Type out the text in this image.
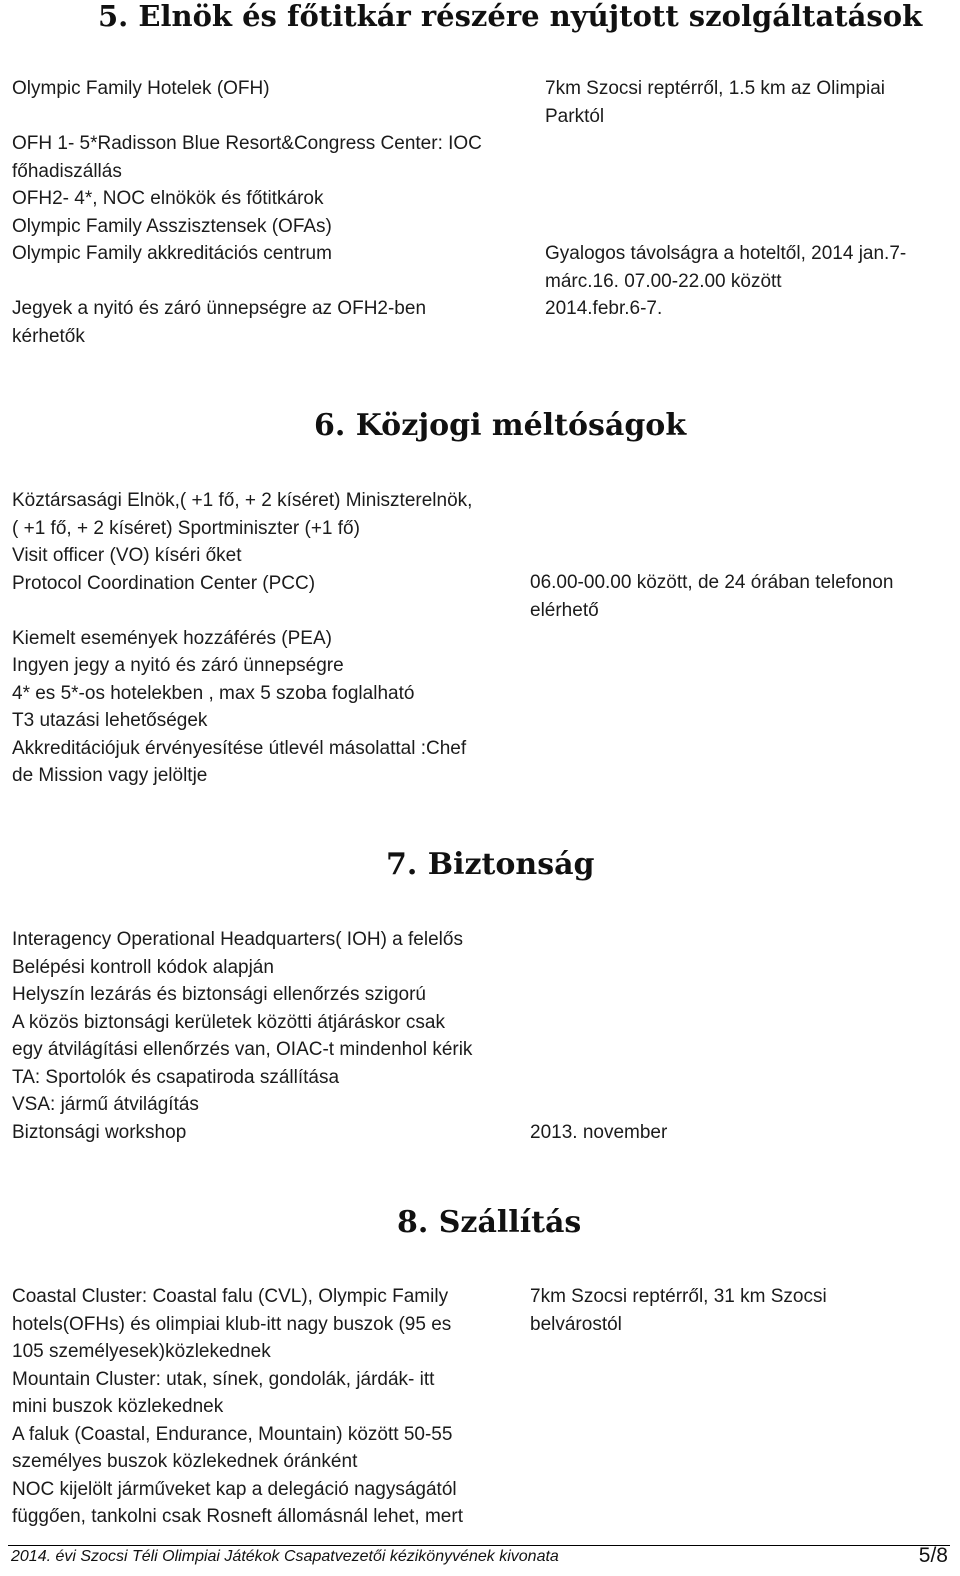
5. Elnök és főtitkár részére nyújtott szolgáltatások
Olympic Family Hotelek (OFH)

OFH 1- 5*Radisson Blue Resort&Congress Center: IOC
főhadiszállás
OFH2- 4*, NOC elnökök és főtitkárok
Olympic Family Asszisztensek (OFAs)
Olympic Family akkreditációs centrum

Jegyek a nyitó és záró ünnepségre az OFH2-ben
kérhetők
7km Szocsi reptérről, 1.5 km az Olimpiai
Parktól

Gyalogos távolságra a hoteltől, 2014 jan.7-
márc.16. 07.00-22.00 között
2014.febr.6-7.
6. Közjogi méltóságok
Köztársasági Elnök,( +1 fő, + 2 kíséret) Miniszterelnök,
( +1 fő, + 2 kíséret) Sportminiszter (+1 fő)
Visit officer (VO) kíséri őket
Protocol Coordination Center (PCC)

Kiemelt események hozzáférés (PEA)
Ingyen jegy a nyitó és záró ünnepségre
4* es 5*-os hotelekben , max 5 szoba foglalható
T3 utazási lehetőségek
Akkreditációjuk érvényesítése útlevél másolattal :Chef
de Mission vagy jelöltje
06.00-00.00 között, de 24 órában telefonon
elérhető
7. Biztonság
Interagency Operational Headquarters( IOH) a felelős
Belépési kontroll kódok alapján
Helyszín lezárás és biztonsági ellenőrzés szigorú
A közös biztonsági kerületek közötti átjáráskor csak
egy átvilágítási ellenőrzés van, OIAC-t mindenhol kérik
TA: Sportolók és csapatiroda szállítása
VSA: jármű átvilágítás
Biztonsági workshop	2013. november
8. Szállítás
Coastal Cluster: Coastal falu (CVL), Olympic Family
hotels(OFHs) és olimpiai klub-itt nagy buszok (95 es
105 személyesek)közlekednek
Mountain Cluster: utak, sínek, gondolák, járdák- itt
mini buszok közlekednek
A faluk (Coastal, Endurance, Mountain) között 50-55
személyes buszok közlekednek óránként
NOC kijelölt járműveket kap a delegáció nagyságától
függően, tankolni csak Rosneft állomásnál lehet, mert
7km Szocsi reptérről, 31 km Szocsi
belvárostól
2014. évi Szocsi Téli Olimpiai Játékok Csapatvezetői kézikönyvének kivonata	5/8
